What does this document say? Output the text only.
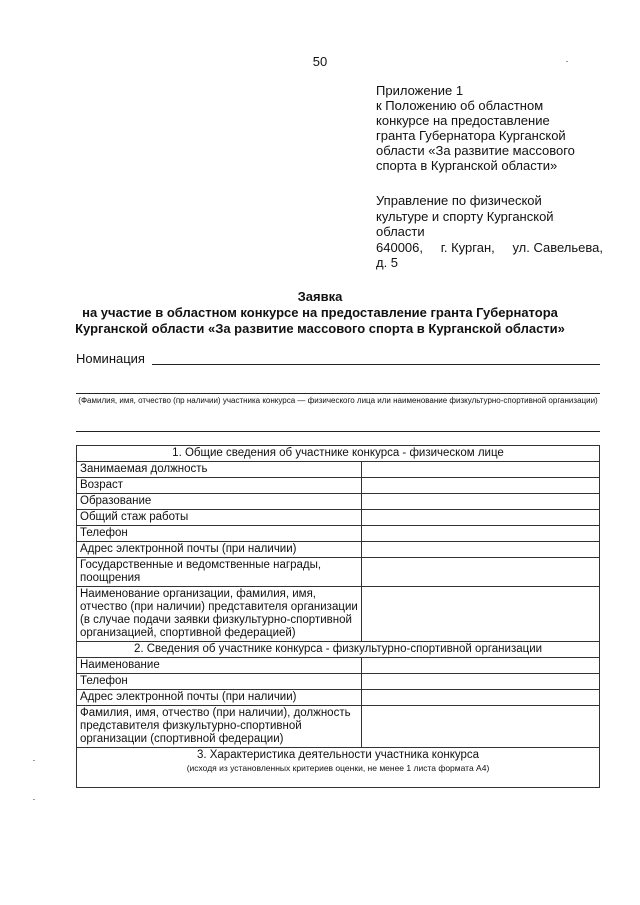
50
Приложение 1
к Положению об областном
конкурсе на предоставление
гранта Губернатора Курганской
области «За развитие массового
спорта в Курганской области»
Управление по физической
культуре и спорту Курганской
области
640006, г. Курган, ул. Савельева,
д. 5
Заявка
на участие в областном конкурсе на предоставление гранта Губернатора
Курганской области «За развитие массового спорта в Курганской области»
Номинация
(Фамилия, имя, отчество (пр наличии) участника конкурса — физического лица или наименование физкультурно-спортивной организации)
1. Общие сведения об участнике конкурса - физическом лице	
Занимаемая должность	
Возраст	
Образование	
Общий стаж работы	
Телефон	
Адрес электронной почты (при наличии)	
Государственные и ведомственные награды, поощрения	
Наименование организации, фамилия, имя, отчество (при наличии) представителя организации (в случае подачи заявки физкультурно-спортивной организацией, спортивной федерацией)	
2. Сведения об участнике конкурса - физкультурно-спортивной организации	
Наименование	
Телефон	
Адрес электронной почты (при наличии)	
Фамилия, имя, отчество (при наличии), должность представителя физкультурно-спортивной организации (спортивной федерации)	

3. Характеристика деятельности участника конкурса
(исходя из установленных критериев оценки, не менее 1 листа формата А4)	
